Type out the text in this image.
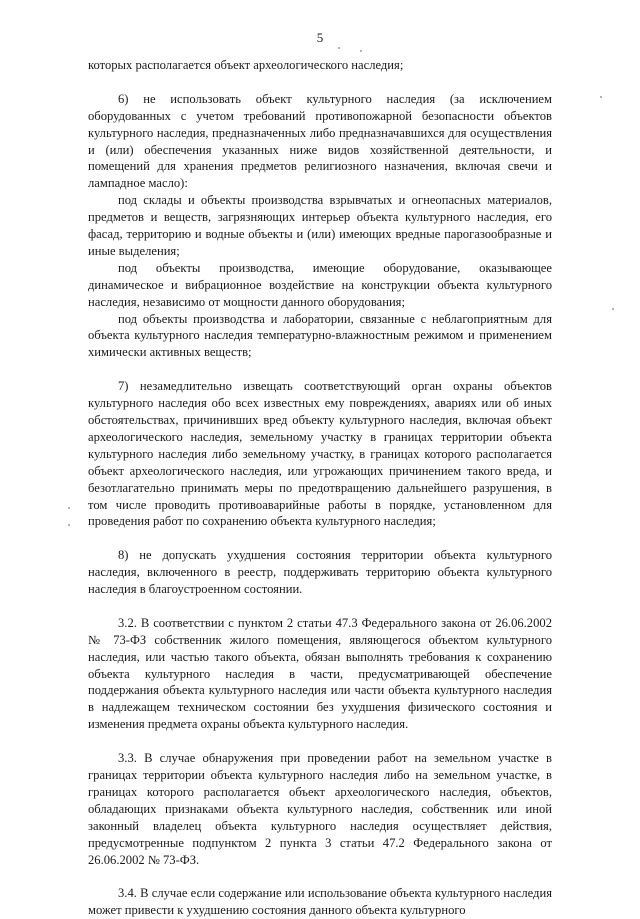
5

которых располагается объект археологического наследия;

6) не использовать объект культурного наследия (за исключением оборудованных с учетом требований противопожарной безопасности объектов культурного наследия, предназначенных либо предназначавшихся для осуществления и (или) обеспечения указанных ниже видов хозяйственной деятельности, и помещений для хранения предметов религиозного назначения, включая свечи и лампадное масло):

под склады и объекты производства взрывчатых и огнеопасных материалов, предметов и веществ, загрязняющих интерьер объекта культурного наследия, его фасад, территорию и водные объекты и (или) имеющих вредные парогазообразные и иные выделения;

под объекты производства, имеющие оборудование, оказывающее динамическое и вибрационное воздействие на конструкции объекта культурного наследия, независимо от мощности данного оборудования;

под объекты производства и лаборатории, связанные с неблагоприятным для объекта культурного наследия температурно-влажностным режимом и применением химически активных веществ;

7) незамедлительно извещать соответствующий орган охраны объектов культурного наследия обо всех известных ему повреждениях, авариях или об иных обстоятельствах, причинивших вред объекту культурного наследия, включая объект археологического наследия, земельному участку в границах территории объекта культурного наследия либо земельному участку, в границах которого располагается объект археологического наследия, или угрожающих причинением такого вреда, и безотлагательно принимать меры по предотвращению дальнейшего разрушения, в том числе проводить противоаварийные работы в порядке, установленном для проведения работ по сохранению объекта культурного наследия;

8) не допускать ухудшения состояния территории объекта культурного наследия, включенного в реестр, поддерживать территорию объекта культурного наследия в благоустроенном состоянии.

3.2. В соответствии с пунктом 2 статьи 47.3 Федерального закона от 26.06.2002 № 73-ФЗ собственник жилого помещения, являющегося объектом культурного наследия, или частью такого объекта, обязан выполнять требования к сохранению объекта культурного наследия в части, предусматривающей обеспечение поддержания объекта культурного наследия или части объекта культурного наследия в надлежащем техническом состоянии без ухудшения физического состояния и изменения предмета охраны объекта культурного наследия.

3.3. В случае обнаружения при проведении работ на земельном участке в границах территории объекта культурного наследия либо на земельном участке, в границах которого располагается объект археологического наследия, объектов, обладающих признаками объекта культурного наследия, собственник или иной законный владелец объекта культурного наследия осуществляет действия, предусмотренные подпунктом 2 пункта 3 статьи 47.2 Федерального закона от 26.06.2002 № 73-ФЗ.

3.4. В случае если содержание или использование объекта культурного наследия может привести к ухудшению состояния данного объекта культурного
